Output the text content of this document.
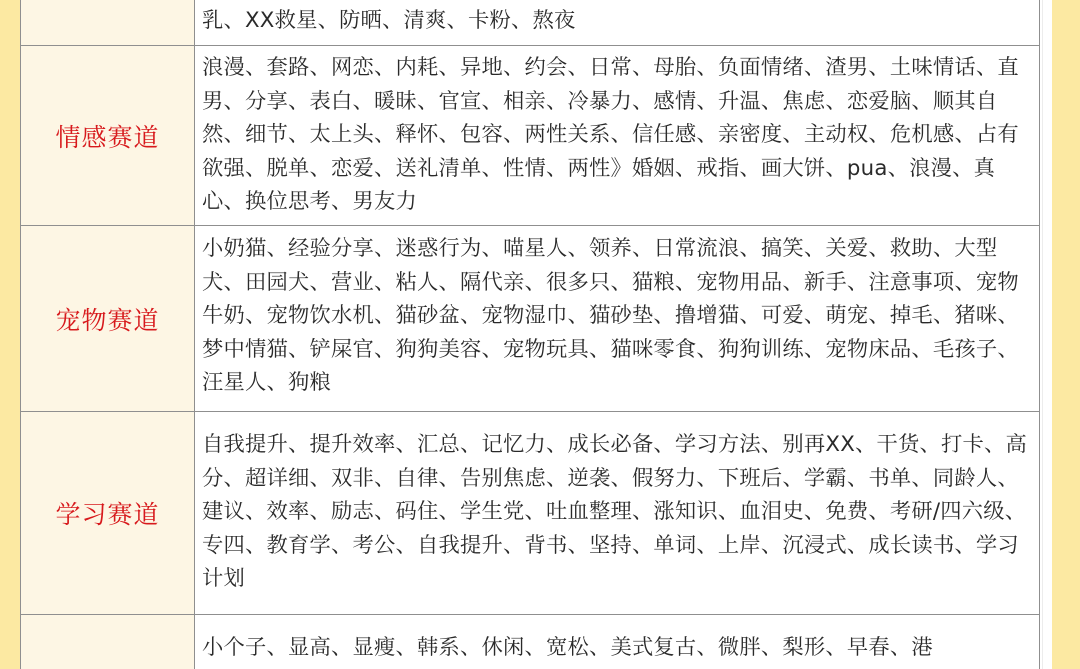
乳、XX救星、防晒、清爽、卡粉、熬夜
情感赛道
浪漫、套路、网恋、内耗、异地、约会、日常、母胎、负面情绪、渣男、土味情话、直男、分享、表白、暖昧、官宣、相亲、冷暴力、感情、升温、焦虑、恋爱脑、顺其自然、细节、太上头、释怀、包容、两性关系、信任感、亲密度、主动权、危机感、占有欲强、脱单、恋爱、送礼清单、性情、两性》婚姻、戒指、画大饼、pua、浪漫、真心、换位思考、男友力
宠物赛道
小奶猫、经验分享、迷惑行为、喵星人、领养、日常流浪、搞笑、关爱、救助、大型犬、田园犬、营业、粘人、隔代亲、很多只、猫粮、宠物用品、新手、注意事项、宠物牛奶、宠物饮水机、猫砂盆、宠物湿巾、猫砂垫、撸增猫、可爱、萌宠、掉毛、猪咪、梦中情猫、铲屎官、狗狗美容、宠物玩具、猫咪零食、狗狗训练、宠物床品、毛孩子、汪星人、狗粮
学习赛道
自我提升、提升效率、汇总、记忆力、成长必备、学习方法、别再XX、干货、打卡、高分、超详细、双非、自律、告别焦虑、逆袭、假努力、下班后、学霸、书单、同龄人、建议、效率、励志、码住、学生党、吐血整理、涨知识、血泪史、免费、考研/四六级、专四、教育学、考公、自我提升、背书、坚持、单词、上岸、沉浸式、成长读书、学习计划
小个子、显高、显瘦、韩系、休闲、宽松、美式复古、微胖、梨形、早春、港
